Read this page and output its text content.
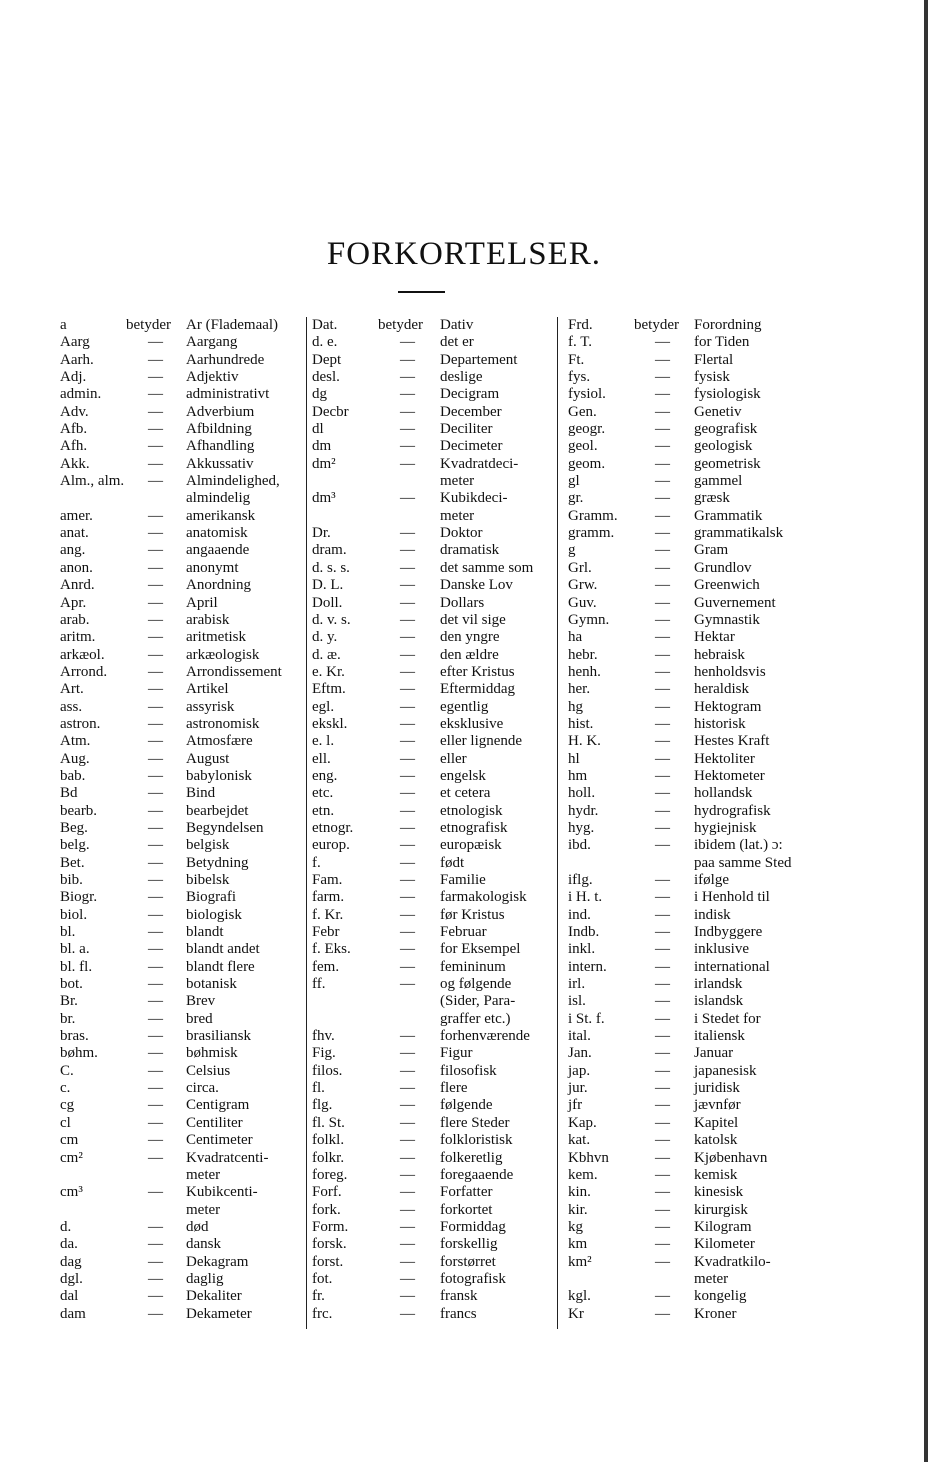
FORKORTELSER.
a	betyder Ar (Flademaal)
Aarg	— Aargang
Aarh.	— Aarhundrede
Adj.	— Adjektiv
admin.	— administrativt
Adv.	— Adverbium
Afb.	— Afbildning
Afh.	— Afhandling
Akk.	— Akkussativ
Alm., alm. — Almindelighed,
almindelig
amer.	— amerikansk
anat.	— anatomisk
ang.	— angaaende
anon.	— anonymt
Anrd.	— Anordning
Apr.	— April
arab.	— arabisk
aritm.	— aritmetisk
arkæol.	— arkæologisk
Arrond.	— Arrondissement
Art.	— Artikel
ass.	— assyrisk
astron.	— astronomisk
Atm.	— Atmosfære
Aug.	— August
bab.	— babylonisk
Bd	— Bind
bearb.	— bearbejdet
Beg.	— Begyndelsen
belg.	— belgisk
Bet.	— Betydning
bib.	— bibelsk
Biogr.	— Biografi
biol.	— biologisk
bl.	— blandt
bl. a.	— blandt andet
bl. fl.	— blandt flere
bot.	— botanisk
Br.	— Brev
br.	— bred
bras.	— brasiliansk
bøhm.	— bøhmisk
C.	— Celsius
c.	— circa.
cg	— Centigram
cl	— Centiliter
cm	— Centimeter
cm²	— Kvadratcenti-
meter
cm³	— Kubikcenti-
meter
d.	— død
da.	— dansk
dag	— Dekagram
dgl.	— daglig
dal	— Dekaliter
dam	— Dekameter
Dat.	betyder Dativ
d. e.	— det er
Dept	— Departement
desl.	— deslige
dg	— Decigram
Decbr	— December
dl	— Deciliter
dm	— Decimeter
dm²	— Kvadratdeci-
meter
dm³	— Kubikdeci-
meter
Dr.	— Doktor
dram.	— dramatisk
d. s. s.	— det samme som
D. L.	— Danske Lov
Doll.	— Dollars
d. v. s.	— det vil sige
d. y.	— den yngre
d. æ.	— den ældre
e. Kr.	— efter Kristus
Eftm.	— Eftermiddag
egl.	— egentlig
ekskl.	— eksklusive
e. l.	— eller lignende
ell.	— eller
eng.	— engelsk
etc.	— et cetera
etn.	— etnologisk
etnogr.	— etnografisk
europ.	— europæisk
f.	— født
Fam.	— Familie
farm.	— farmakologisk
f. Kr.	— før Kristus
Febr	— Februar
f. Eks.	— for Eksempel
fem.	— femininum
ff.	— og følgende
(Sider, Para-
graffer etc.)
fhv.	— forhenværende
Fig.	— Figur
filos.	— filosofisk
fl.	— flere
flg.	— følgende
fl. St.	— flere Steder
folkl.	— folkloristisk
folkr.	— folkeretlig
foreg.	— foregaaende
Forf.	— Forfatter
fork.	— forkortet
Form.	— Formiddag
forsk.	— forskellig
forst.	— forstørret
fot.	— fotografisk
fr.	— fransk
frc.	— francs
Frd.	betyder Forordning
f. T.	— for Tiden
Ft.	— Flertal
fys.	— fysisk
fysiol.	— fysiologisk
Gen.	— Genetiv
geogr.	— geografisk
geol.	— geologisk
geom.	— geometrisk
gl	— gammel
gr.	— græsk
Gramm. — Grammatik
gramm.	— grammatikalsk
g	— Gram
Grl.	— Grundlov
Grw.	— Greenwich
Guv.	— Guvernement
Gymn.	— Gymnastik
ha	— Hektar
hebr.	— hebraisk
henh.	— henholdsvis
her.	— heraldisk
hg	— Hektogram
hist.	— historisk
H. K.	— Hestes Kraft
hl	— Hektoliter
hm	— Hektometer
holl.	— hollandsk
hydr.	— hydrografisk
hyg.	— hygiejnisk
ibd.	— ibidem (lat.) ɔ:
paa samme Sted
iflg.	— ifølge
i H. t.	— i Henhold til
ind.	— indisk
Indb.	— Indbyggere
inkl.	— inklusive
intern.	— international
irl.	— irlandsk
isl.	— islandsk
i St. f.	— i Stedet for
ital.	— italiensk
Jan.	— Januar
jap.	— japanesisk
jur.	— juridisk
jfr	— jævnfør
Kap.	— Kapitel
kat.	— katolsk
Kbhvn	— Kjøbenhavn
kem.	— kemisk
kin.	— kinesisk
kir.	— kirurgisk
kg	— Kilogram
km	— Kilometer
km²	— Kvadratkilo-
meter
kgl.	— kongelig
Kr	— Kroner
